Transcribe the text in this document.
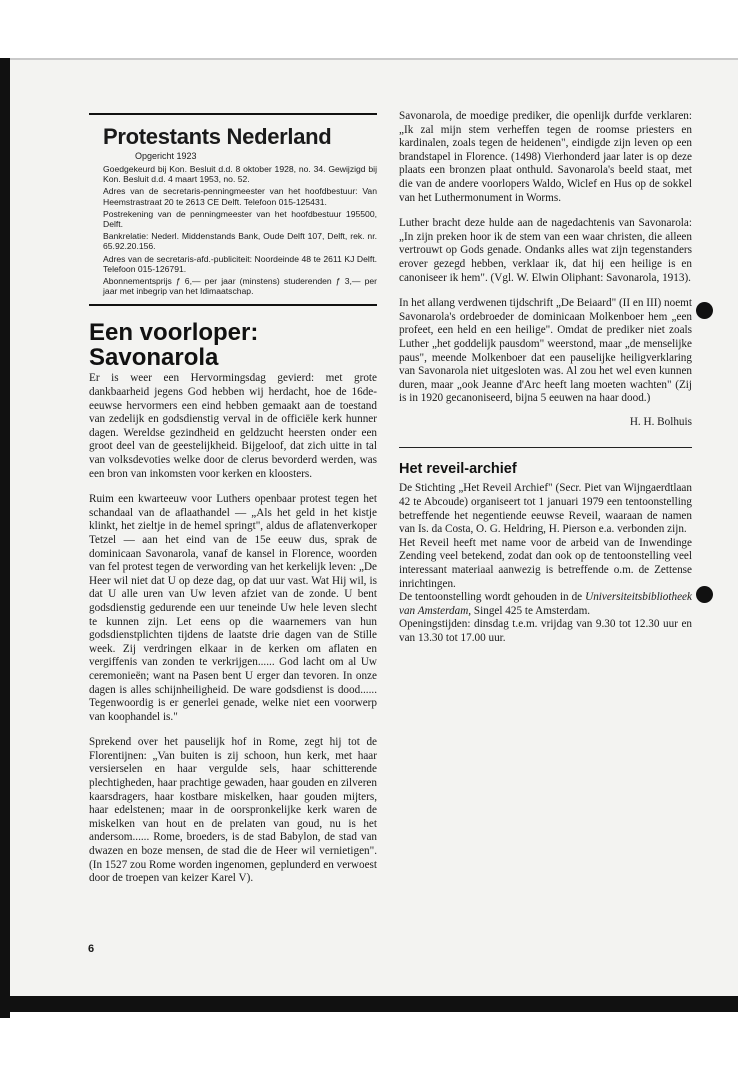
Protestants Nederland
Opgericht 1923

Goedgekeurd bij Kon. Besluit d.d. 8 oktober 1928, no. 34. Gewijzigd bij Kon. Besluit d.d. 4 maart 1953, no. 52.

Adres van de secretaris-penningmeester van het hoofdbestuur: Van Heemstrastraat 20 te 2613 CE Delft. Telefoon 015-125431.

Postrekening van de penningmeester van het hoofdbestuur 195500, Delft.

Bankrelatie: Nederl. Middenstands Bank, Oude Delft 107, Delft, rek. nr. 65.92.20.156.

Adres van de secretaris-afd.-publiciteit: Noordeinde 48 te 2611 KJ Delft. Telefoon 015-126791.

Abonnementsprijs ƒ 6,— per jaar (minstens) studerenden ƒ 3,— per jaar met inbegrip van het Idimaatschap.

Een voorloper: Savonarola

Er is weer een Hervormingsdag gevierd: met grote dankbaarheid jegens God hebben wij herdacht, hoe de 16de-eeuwse hervormers een eind hebben gemaakt aan de toestand van zedelijk en godsdienstig verval in de officiële kerk hunner dagen. Wereldse gezindheid en geldzucht heersten onder een groot deel van de geestelijkheid. Bijgeloof, dat zich uitte in tal van volksdevoties welke door de clerus bevorderd werden, was een bron van inkomsten voor kerken en kloosters.

Ruim een kwarteeuw voor Luthers openbaar protest tegen het schandaal van de aflaathandel — „Als het geld in het kistje klinkt, het zieltje in de hemel springt", aldus de aflatenverkoper Tetzel — aan het eind van de 15e eeuw dus, sprak de dominicaan Savonarola, vanaf de kansel in Florence, woorden van fel protest tegen de verwording van het kerkelijk leven: „De Heer wil niet dat U op deze dag, op dat uur vast. Wat Hij wil, is dat U alle uren van Uw leven afziet van de zonde. U bent godsdienstig gedurende een uur teneinde Uw hele leven slecht te kunnen zijn. Let eens op die waarnemers van hun godsdienstplichten tijdens de laatste drie dagen van de Stille week. Zij verdringen elkaar in de kerken om aflaten en vergiffenis van zonden te verkrijgen...... God lacht om al Uw ceremonieën; want na Pasen bent U erger dan tevoren. In onze dagen is alles schijnheiligheid. De ware godsdienst is dood...... Tegenwoordig is er generlei genade, welke niet een voorwerp van koophandel is."

Sprekend over het pauselijk hof in Rome, zegt hij tot de Florentijnen: „Van buiten is zij schoon, hun kerk, met haar versierselen en haar vergulde sels, haar schitterende plechtigheden, haar prachtige gewaden, haar gouden en zilveren kaarsdragers, haar kostbare miskelken, haar gouden mijters, haar edelstenen; maar in de oorspronkelijke kerk waren de miskelken van hout en de prelaten van goud, nu is het andersom...... Rome, broeders, is de stad Babylon, de stad van dwazen en boze mensen, de stad die de Heer wil vernietigen". (In 1527 zou Rome worden ingenomen, geplunderd en verwoest door de troepen van keizer Karel V).

Savonarola, de moedige prediker, die openlijk durfde verklaren: „Ik zal mijn stem verheffen tegen de roomse priesters en kardinalen, zoals tegen de heidenen", eindigde zijn leven op een brandstapel in Florence. (1498) Vierhonderd jaar later is op deze plaats een bronzen plaat onthuld. Savonarola's beeld staat, met die van de andere voorlopers Waldo, Wiclef en Hus op de sokkel van het Luthermonument in Worms.

Luther bracht deze hulde aan de nagedachtenis van Savonarola: „In zijn preken hoor ik de stem van een waar christen, die alleen vertrouwt op Gods genade. Ondanks alles wat zijn tegenstanders erover gezegd hebben, verklaar ik, dat hij een heilige is en canoniseer ik hem". (Vgl. W. Elwin Oliphant: Savonarola, 1913).

In het allang verdwenen tijdschrift „De Beiaard" (II en III) noemt Savonarola's ordebroeder de dominicaan Molkenboer hem „een profeet, een held en een heilige". Omdat de prediker niet zoals Luther „het goddelijk pausdom" weerstond, maar „de menselijke paus", meende Molkenboer dat een pauselijke heiligverklaring van Savonarola niet uitgesloten was. Al zou het wel even kunnen duren, maar „ook Jeanne d'Arc heeft lang moeten wachten" (Zij is in 1920 gecanoniseerd, bijna 5 eeuwen na haar dood.)

H. H. Bolhuis
Het reveil-archief

De Stichting „Het Reveil Archief" (Secr. Piet van Wijngaerdtlaan 42 te Abcoude) organiseert tot 1 januari 1979 een tentoonstelling betreffende het negentiende eeuwse Reveil, waaraan de namen van Is. da Costa, O. G. Heldring, H. Pierson e.a. verbonden zijn.

Het Reveil heeft met name voor de arbeid van de Inwendinge Zending veel betekend, zodat dan ook op de tentoonstelling veel interessant materiaal aanwezig is betreffende o.m. de Zettense inrichtingen.

De tentoonstelling wordt gehouden in de Universiteitsbibliotheek van Amsterdam, Singel 425 te Amsterdam.

Openingstijden: dinsdag t.e.m. vrijdag van 9.30 tot 12.30 uur en van 13.30 tot 17.00 uur.

6
